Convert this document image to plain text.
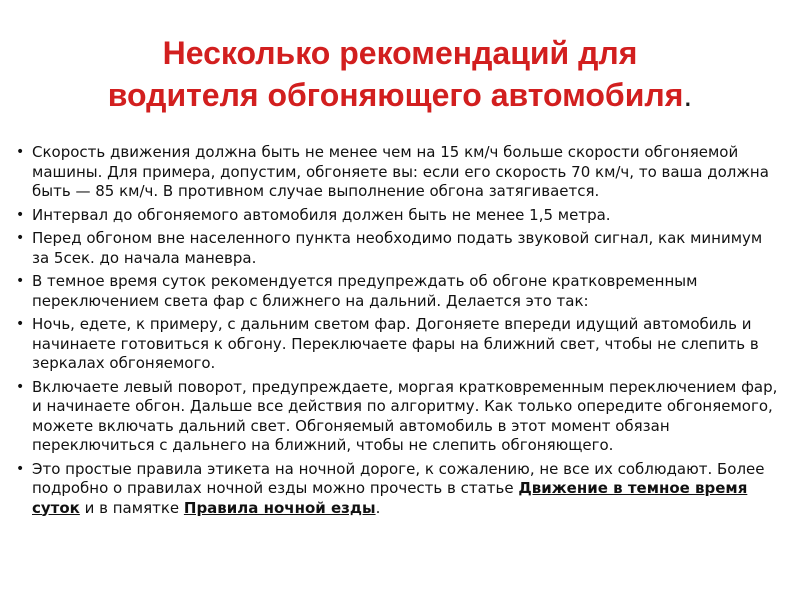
Несколько рекомендаций для
водителя обгоняющего автомобиля.
• Скорость движения должна быть не менее чем на 15 км/ч больше скорости обгоняемой машины. Для примера, допустим, обгоняете вы: если его скорость 70 км/ч, то ваша должна быть — 85 км/ч. В противном случае выполнение обгона затягивается.
• Интервал до обгоняемого автомобиля должен быть не менее 1,5 метра.
• Перед обгоном вне населенного пункта необходимо подать звуковой сигнал, как минимум за 5сек. до начала маневра.
• В темное время суток рекомендуется предупреждать об обгоне кратковременным переключением света фар с ближнего на дальний. Делается это так:
• Ночь, едете, к примеру, с дальним светом фар. Догоняете впереди идущий автомобиль и начинаете готовиться к обгону. Переключаете фары на ближний свет, чтобы не слепить в зеркалах обгоняемого.
• Включаете левый поворот, предупреждаете, моргая кратковременным переключением фар, и начинаете обгон. Дальше все действия по алгоритму. Как только опередите обгоняемого, можете включать дальний свет. Обгоняемый автомобиль в этот момент обязан переключиться с дальнего на ближний, чтобы не слепить обгоняющего.
• Это простые правила этикета на ночной дороге, к сожалению, не все их соблюдают. Более подробно о правилах ночной езды можно прочесть в статье Движение в темное время суток и в памятке Правила ночной езды.
